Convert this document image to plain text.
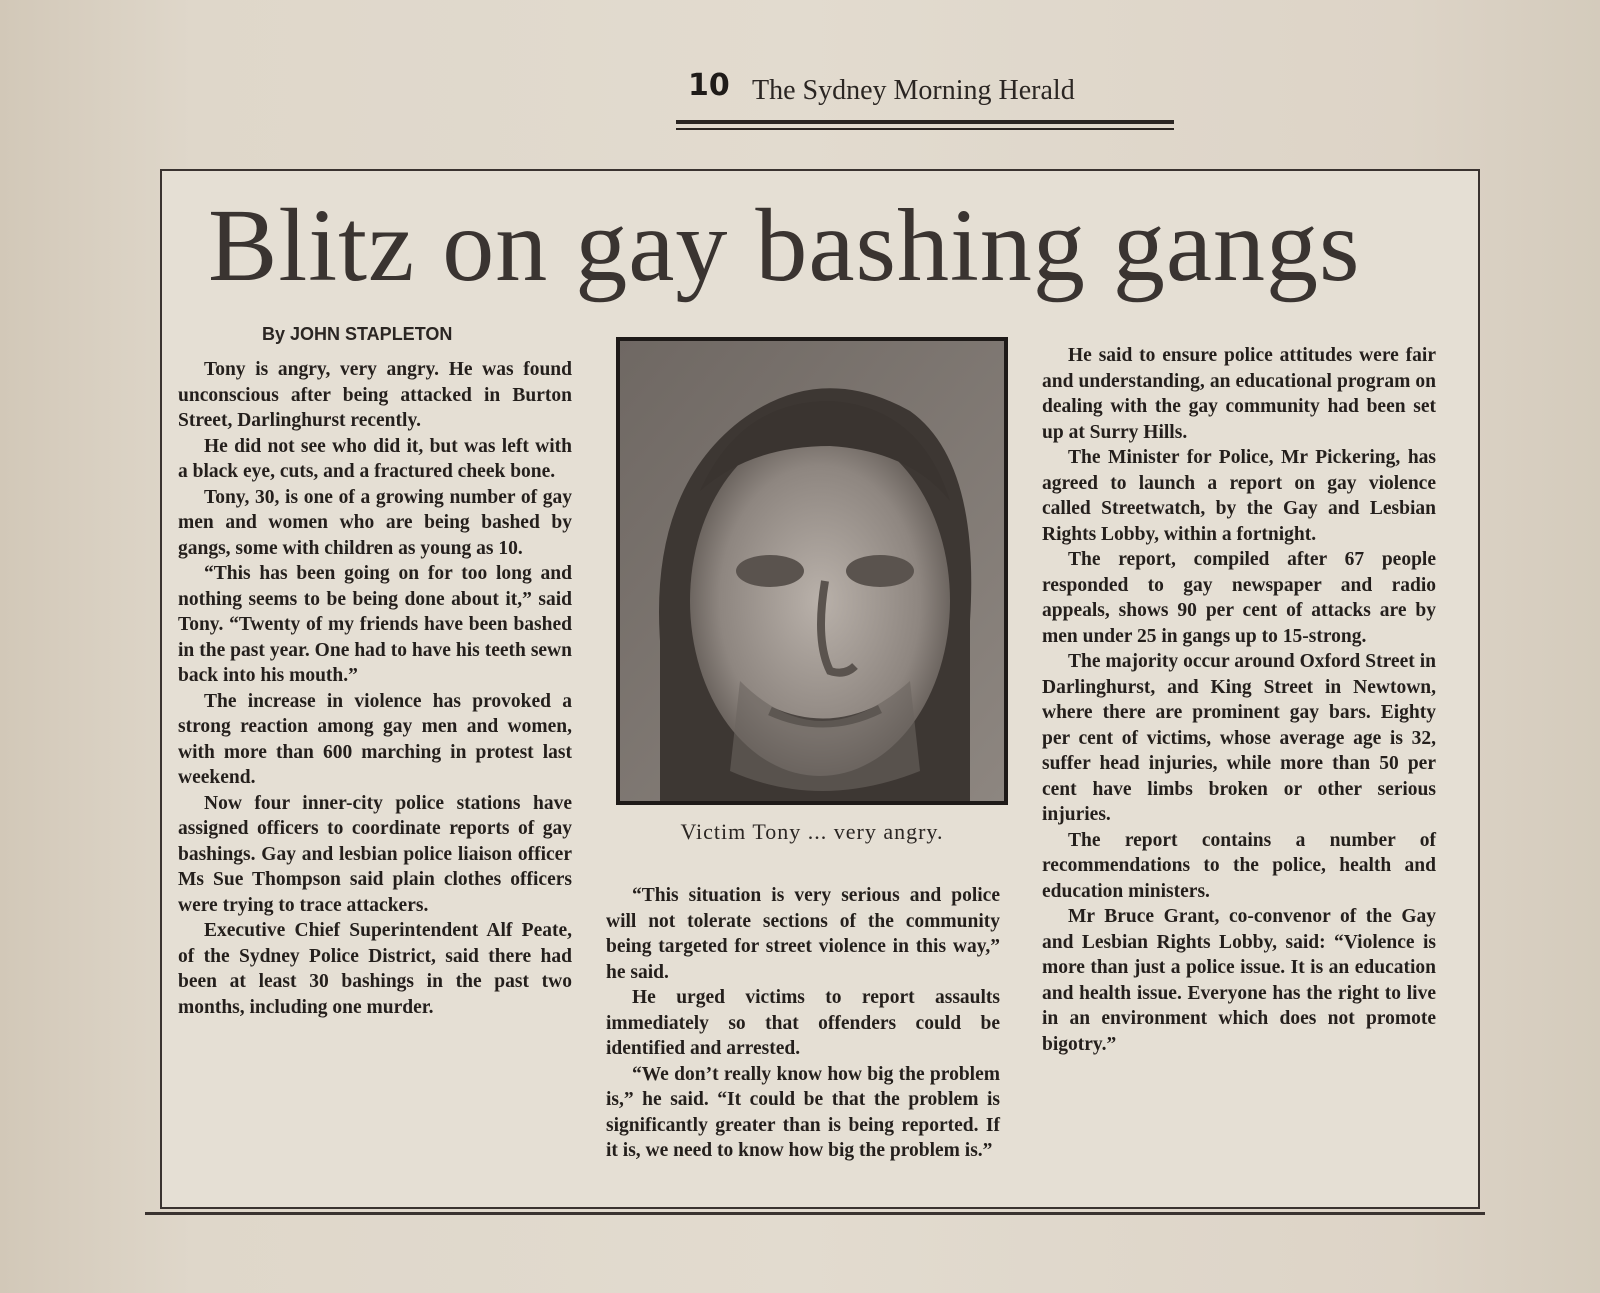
10 The Sydney Morning Herald
Blitz on gay bashing gangs
By JOHN STAPLETON

Tony is angry, very angry. He was found unconscious after being attacked in Burton Street, Darlinghurst recently.

He did not see who did it, but was left with a black eye, cuts, and a fractured cheek bone.

Tony, 30, is one of a growing number of gay men and women who are being bashed by gangs, some with children as young as 10.

“This has been going on for too long and nothing seems to be being done about it,” said Tony. “Twenty of my friends have been bashed in the past year. One had to have his teeth sewn back into his mouth.”

The increase in violence has provoked a strong reaction among gay men and women, with more than 600 marching in protest last weekend.

Now four inner-city police stations have assigned officers to coordinate reports of gay bashings. Gay and lesbian police liaison officer Ms Sue Thompson said plain clothes officers were trying to trace attackers.

Executive Chief Superintendent Alf Peate, of the Sydney Police District, said there had been at least 30 bashings in the past two months, including one murder.

Victim Tony ... very angry.

“This situation is very serious and police will not tolerate sections of the community being targeted for street violence in this way,” he said.

He urged victims to report assaults immediately so that offenders could be identified and arrested.

“We don’t really know how big the problem is,” he said. “It could be that the problem is significantly greater than is being reported. If it is, we need to know how big the problem is.”

He said to ensure police attitudes were fair and understanding, an educational program on dealing with the gay community had been set up at Surry Hills.

The Minister for Police, Mr Pickering, has agreed to launch a report on gay violence called Streetwatch, by the Gay and Lesbian Rights Lobby, within a fortnight.

The report, compiled after 67 people responded to gay newspaper and radio appeals, shows 90 per cent of attacks are by men under 25 in gangs up to 15-strong.

The majority occur around Oxford Street in Darlinghurst, and King Street in Newtown, where there are prominent gay bars. Eighty per cent of victims, whose average age is 32, suffer head injuries, while more than 50 per cent have limbs broken or other serious injuries.

The report contains a number of recommendations to the police, health and education ministers.

Mr Bruce Grant, co-convenor of the Gay and Lesbian Rights Lobby, said: “Violence is more than just a police issue. It is an education and health issue. Everyone has the right to live in an environment which does not promote bigotry.”
